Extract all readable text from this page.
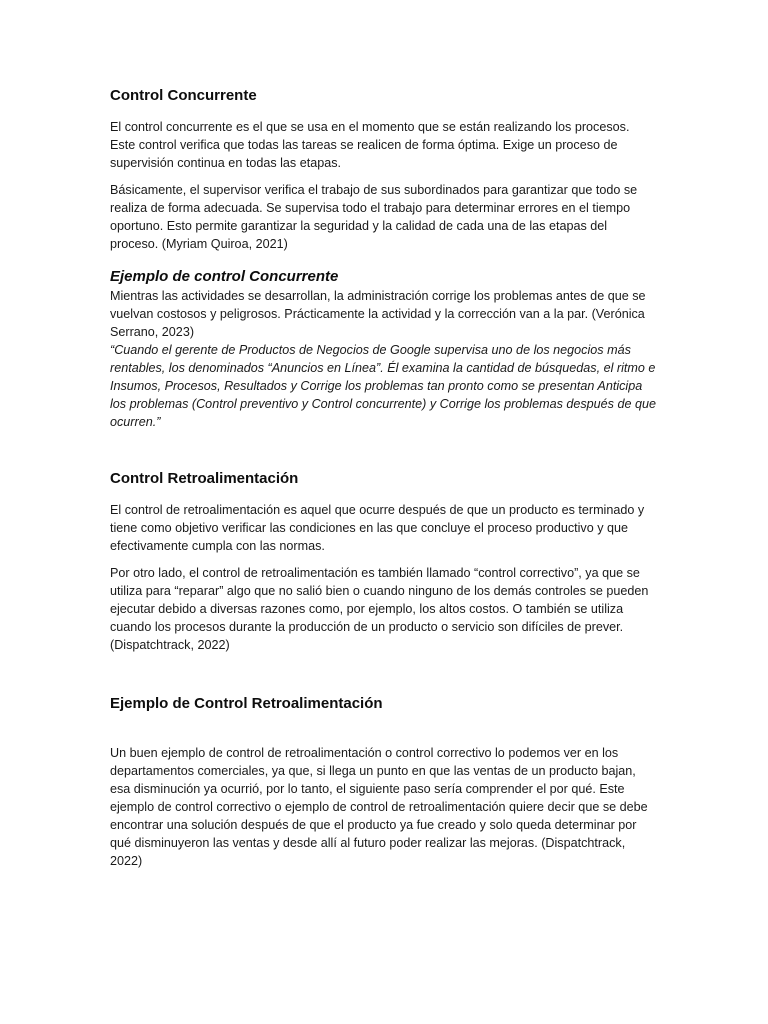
Control Concurrente

El control concurrente es el que se usa en el momento que se están realizando los procesos. Este control verifica que todas las tareas se realicen de forma óptima. Exige un proceso de supervisión continua en todas las etapas.

Básicamente, el supervisor verifica el trabajo de sus subordinados para garantizar que todo se realiza de forma adecuada. Se supervisa todo el trabajo para determinar errores en el tiempo oportuno. Esto permite garantizar la seguridad y la calidad de cada una de las etapas del proceso. (Myriam Quiroa, 2021)

Ejemplo de control Concurrente

Mientras las actividades se desarrollan, la administración corrige los problemas antes de que se vuelvan costosos y peligrosos. Prácticamente la actividad y la corrección van a la par. (Verónica Serrano, 2023)

“Cuando el gerente de Productos de Negocios de Google supervisa uno de los negocios más rentables, los denominados “Anuncios en Línea”. Él examina la cantidad de búsquedas, el ritmo e Insumos, Procesos, Resultados y Corrige los problemas tan pronto como se presentan Anticipa los problemas (Control preventivo y Control concurrente) y Corrige los problemas después de que ocurren.”

Control Retroalimentación

El control de retroalimentación es aquel que ocurre después de que un producto es terminado y tiene como objetivo verificar las condiciones en las que concluye el proceso productivo y que efectivamente cumpla con las normas.

Por otro lado, el control de retroalimentación es también llamado “control correctivo”, ya que se utiliza para “reparar” algo que no salió bien o cuando ninguno de los demás controles se pueden ejecutar debido a diversas razones como, por ejemplo, los altos costos. O también se utiliza cuando los procesos durante la producción de un producto o servicio son difíciles de prever. (Dispatchtrack, 2022)

Ejemplo de Control Retroalimentación

Un buen ejemplo de control de retroalimentación o control correctivo lo podemos ver en los departamentos comerciales, ya que, si llega un punto en que las ventas de un producto bajan, esa disminución ya ocurrió, por lo tanto, el siguiente paso sería comprender el por qué. Este ejemplo de control correctivo o ejemplo de control de retroalimentación quiere decir que se debe encontrar una solución después de que el producto ya fue creado y solo queda determinar por qué disminuyeron las ventas y desde allí al futuro poder realizar las mejoras. (Dispatchtrack, 2022)
